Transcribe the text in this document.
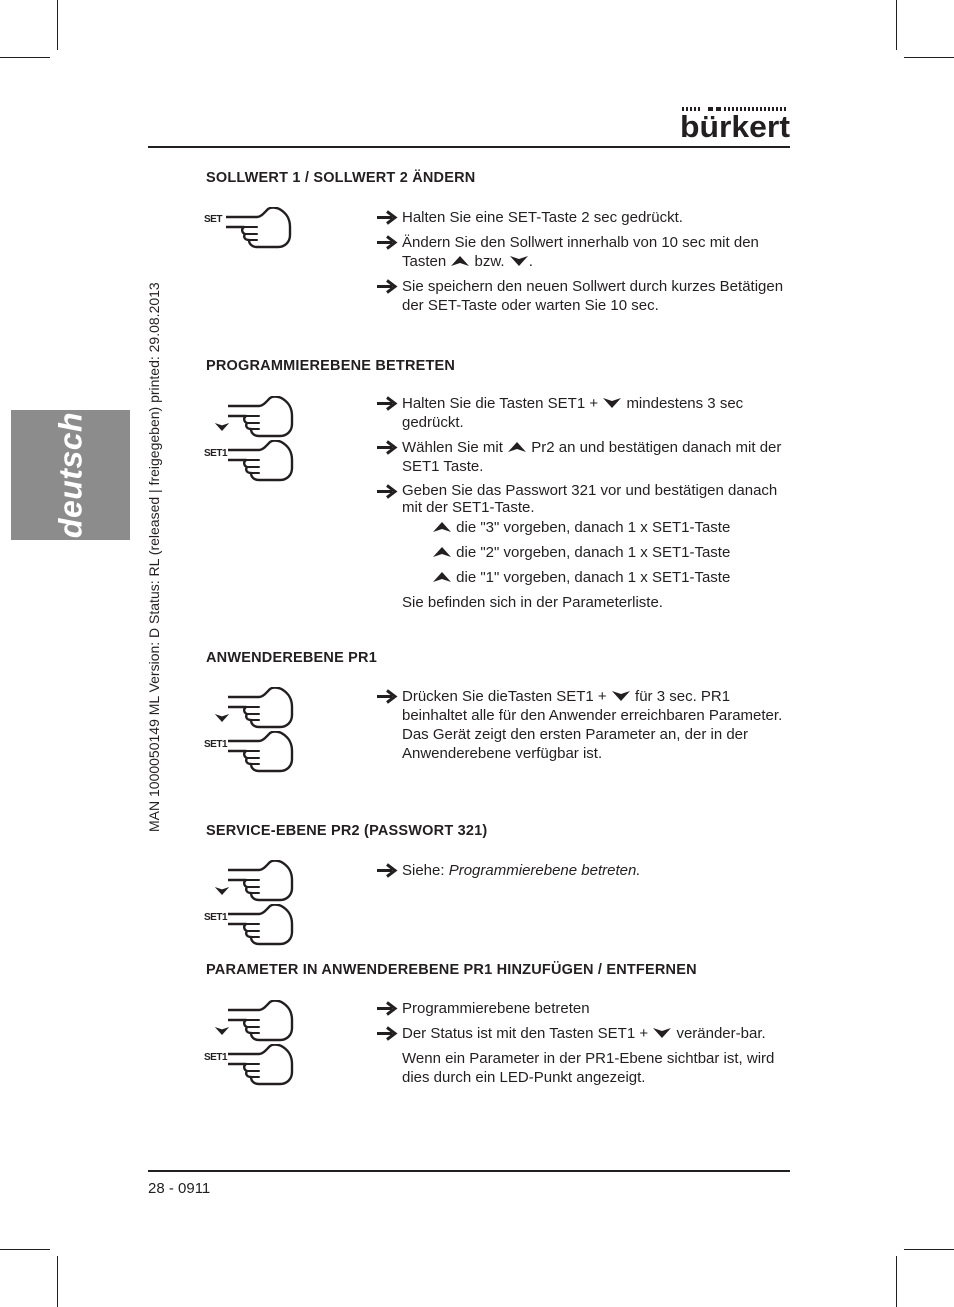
bürkert
deutsch	MAN 1000050149 ML Version: D Status: RL (released | freigegeben) printed: 29.08.2013
SOLLWERT 1 / SOLLWERT 2 ÄNDERN
SET	Halten Sie eine SET-Taste 2 sec gedrückt.
Ändern Sie den Sollwert innerhalb von 10 sec mit den Tasten bzw. .
Sie speichern den neuen Sollwert durch kurzes Betätigen der SET-Taste oder warten Sie 10 sec.
PROGRAMMIEREBENE BETRETEN
SET1
Halten Sie die Tasten SET1 + mindestens 3 sec gedrückt.
Wählen Sie mit Pr2 an und bestätigen danach mit der SET1 Taste.
Geben Sie das Passwort 321 vor und bestätigen danach mit der SET1-Taste.
die "3" vorgeben, danach 1 x SET1-Taste
die "2" vorgeben, danach 1 x SET1-Taste
die "1" vorgeben, danach 1 x SET1-Taste
Sie befinden sich in der Parameterliste.
ANWENDEREBENE PR1
SET1
Drücken Sie dieTasten SET1 + für 3 sec. PR1 beinhaltet alle für den Anwender erreichbaren Parameter. Das Gerät zeigt den ersten Parameter an, der in der Anwenderebene verfügbar ist.
SERVICE-EBENE PR2 (PASSWORT 321)
SET1
Siehe: Programmierebene betreten.
PARAMETER IN ANWENDEREBENE PR1 HINZUFÜGEN / ENTFERNEN
SET1
Programmierebene betreten
Der Status ist mit den Tasten SET1 + veränder-bar.
Wenn ein Parameter in der PR1-Ebene sichtbar ist, wird dies durch ein LED-Punkt angezeigt.
28 - 0911
